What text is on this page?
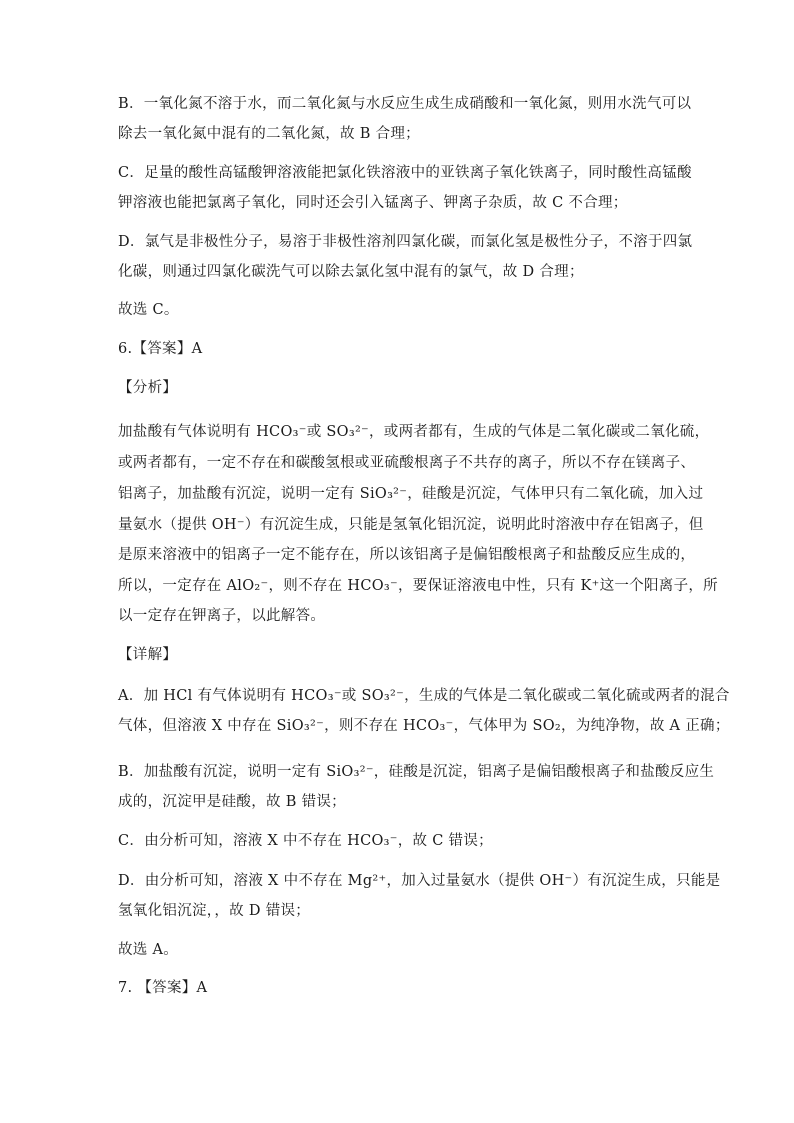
B．一氧化氮不溶于水，而二氧化氮与水反应生成生成硝酸和一氧化氮，则用水洗气可以

除去一氧化氮中混有的二氧化氮，故 B 合理；

C．足量的酸性高锰酸钾溶液能把氯化铁溶液中的亚铁离子氧化铁离子，同时酸性高锰酸

钾溶液也能把氯离子氧化，同时还会引入锰离子、钾离子杂质，故 C 不合理；

D．氯气是非极性分子，易溶于非极性溶剂四氯化碳，而氯化氢是极性分子，不溶于四氯

化碳，则通过四氯化碳洗气可以除去氯化氢中混有的氯气，故 D 合理；

故选 C。

6.【答案】A

【分析】

加盐酸有气体说明有 HCO₃⁻或 SO₃²⁻，或两者都有，生成的气体是二氧化碳或二氧化硫，

或两者都有，一定不存在和碳酸氢根或亚硫酸根离子不共存的离子，所以不存在镁离子、

铝离子，加盐酸有沉淀，说明一定有 SiO₃²⁻，硅酸是沉淀，气体甲只有二氧化硫，加入过

量氨水（提供 OH⁻）有沉淀生成，只能是氢氧化铝沉淀，说明此时溶液中存在铝离子，但

是原来溶液中的铝离子一定不能存在，所以该铝离子是偏铝酸根离子和盐酸反应生成的，

所以，一定存在 AlO₂⁻，则不存在 HCO₃⁻，要保证溶液电中性，只有 K⁺这一个阳离子，所

以一定存在钾离子，以此解答。

【详解】

A．加 HCl 有气体说明有 HCO₃⁻或 SO₃²⁻，生成的气体是二氧化碳或二氧化硫或两者的混合

气体，但溶液 X 中存在 SiO₃²⁻，则不存在 HCO₃⁻，气体甲为 SO₂，为纯净物，故 A 正确；

B．加盐酸有沉淀，说明一定有 SiO₃²⁻，硅酸是沉淀，铝离子是偏铝酸根离子和盐酸反应生

成的，沉淀甲是硅酸，故 B 错误；

C．由分析可知，溶液 X 中不存在 HCO₃⁻，故 C 错误；

D．由分析可知，溶液 X 中不存在 Mg²⁺，加入过量氨水（提供 OH⁻）有沉淀生成，只能是

氢氧化铝沉淀，，故 D 错误；

故选 A。

7. 【答案】A
